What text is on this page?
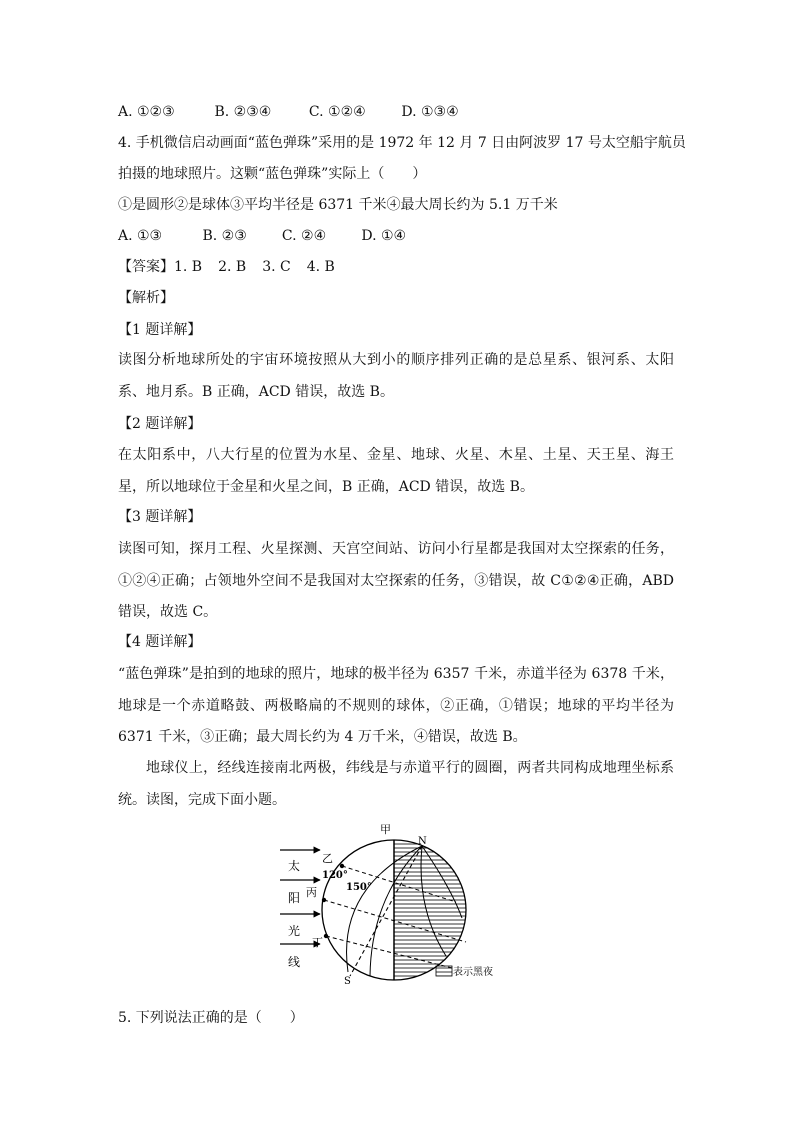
A. ①②③	B. ②③④	C. ①②④	D. ①③④
4. 手机微信启动画面“蓝色弹珠”采用的是 1972 年 12 月 7 日由阿波罗 17 号太空船宇航员
拍摄的地球照片。这颗“蓝色弹珠”实际上（　　）
①是圆形②是球体③平均半径是 6371 千米④最大周长约为 5.1 万千米
A. ①③	B. ②③	C. ②④	D. ①④
【答案】1. B 2. B 3. C 4. B
【解析】
【1 题详解】
读图分析地球所处的宇宙环境按照从大到小的顺序排列正确的是总星系、银河系、太阳系、地月系。B 正确，ACD 错误，故选 B。
【2 题详解】
在太阳系中，八大行星的位置为水星、金星、地球、火星、木星、土星、天王星、海王星，所以地球位于金星和火星之间，B 正确，ACD 错误，故选 B。
【3 题详解】
读图可知，探月工程、火星探测、天宫空间站、访问小行星都是我国对太空探索的任务，①②④正确；占领地外空间不是我国对太空探索的任务，③错误，故 C①②④正确，ABD 错误，故选 C。
【4 题详解】
“蓝色弹珠”是拍到的地球的照片，地球的极半径为 6357 千米，赤道半径为 6378 千米，地球是一个赤道略鼓、两极略扁的不规则的球体，②正确，①错误；地球的平均半径为 6371 千米，③正确；最大周长约为 4 万千米，④错误，故选 B。
地球仪上，经线连接南北两极，纬线是与赤道平行的圆圈，两者共同构成地理坐标系统。读图，完成下面小题。
太
阳
光
线
甲
N
乙
120°
150°
丙
丁
S
表示黑夜
5. 下列说法正确的是（　　）
